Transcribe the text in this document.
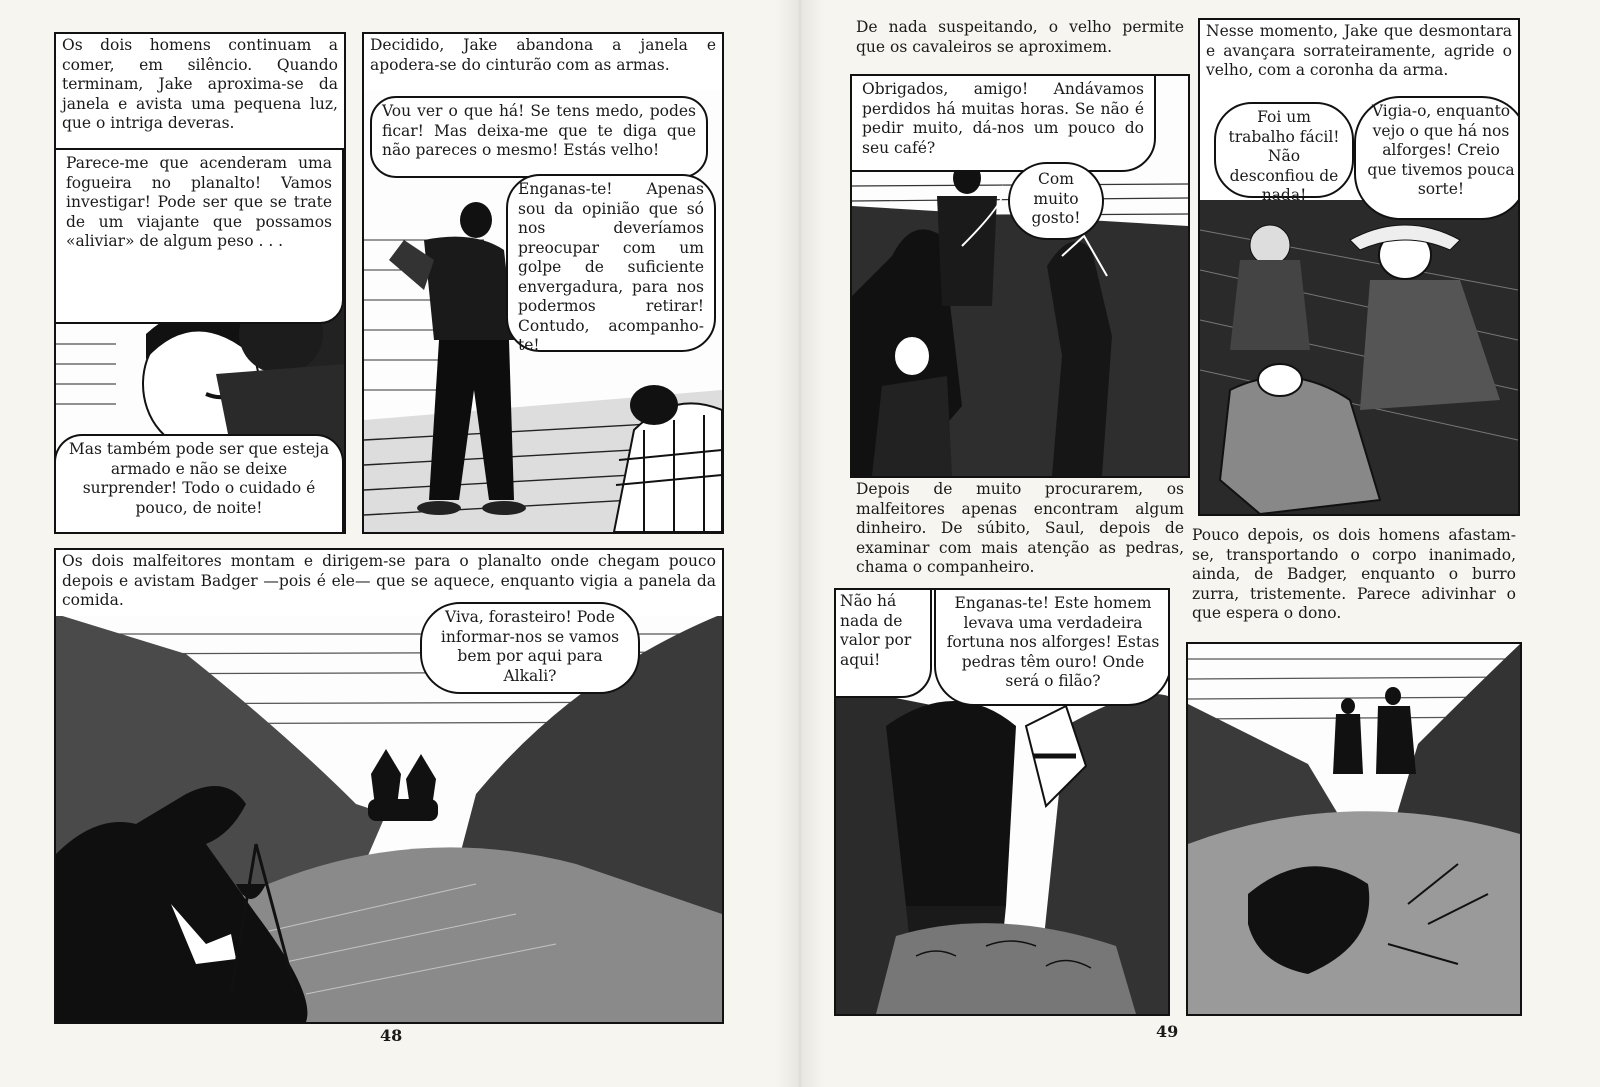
Os dois homens continuam a comer, em silêncio. Quando terminam, Jake aproxima-se da janela e avista uma pequena luz, que o intriga deveras.
Parece-me que acenderam uma fogueira no planalto! Vamos investigar! Pode ser que se trate de um viajante que possamos «aliviar» de algum peso . . .
Mas também pode ser que esteja armado e não se deixe surprender! Todo o cuidado é pouco, de noite!
Decidido, Jake abandona a janela e apodera-se do cinturão com as armas.
Vou ver o que há! Se tens medo, podes ficar! Mas deixa-me que te diga que não pareces o mesmo! Estás velho!
Enganas-te! Apenas sou da opinião que só nos deveríamos preocupar com um golpe de suficiente envergadura, para nos podermos retirar! Contudo, acompanho-te!
Os dois malfeitores montam e dirigem-se para o planalto onde chegam pouco depois e avistam Badger —pois é ele— que se aquece, enquanto vigia a panela da comida.
Viva, forasteiro! Pode informar-nos se vamos bem por aqui para Alkali?
48
De nada suspeitando, o velho permite que os cavaleiros se aproximem.
Obrigados, amigo! Andávamos perdidos há muitas horas. Se não é pedir muito, dá-nos um pouco do seu café?
Com muito gosto!
Depois de muito procurarem, os malfeitores apenas encontram algum dinheiro. De súbito, Saul, depois de examinar com mais atenção as pedras, chama o companheiro.
Nesse momento, Jake que desmontara e avançara sorrateiramente, agride o velho, com a coronha da arma.
Foi um trabalho fácil! Não desconfiou de nada!
Vigia-o, enquanto vejo o que há nos alforges! Creio que tivemos pouca sorte!
Não há nada de valor por aqui!
Enganas-te! Este homem levava uma verdadeira fortuna nos alforges! Estas pedras têm ouro! Onde será o filão?
Pouco depois, os dois homens afastam-se, transportando o corpo inanimado, ainda, de Badger, enquanto o burro zurra, tristemente. Parece adivinhar o que espera o dono.
49
